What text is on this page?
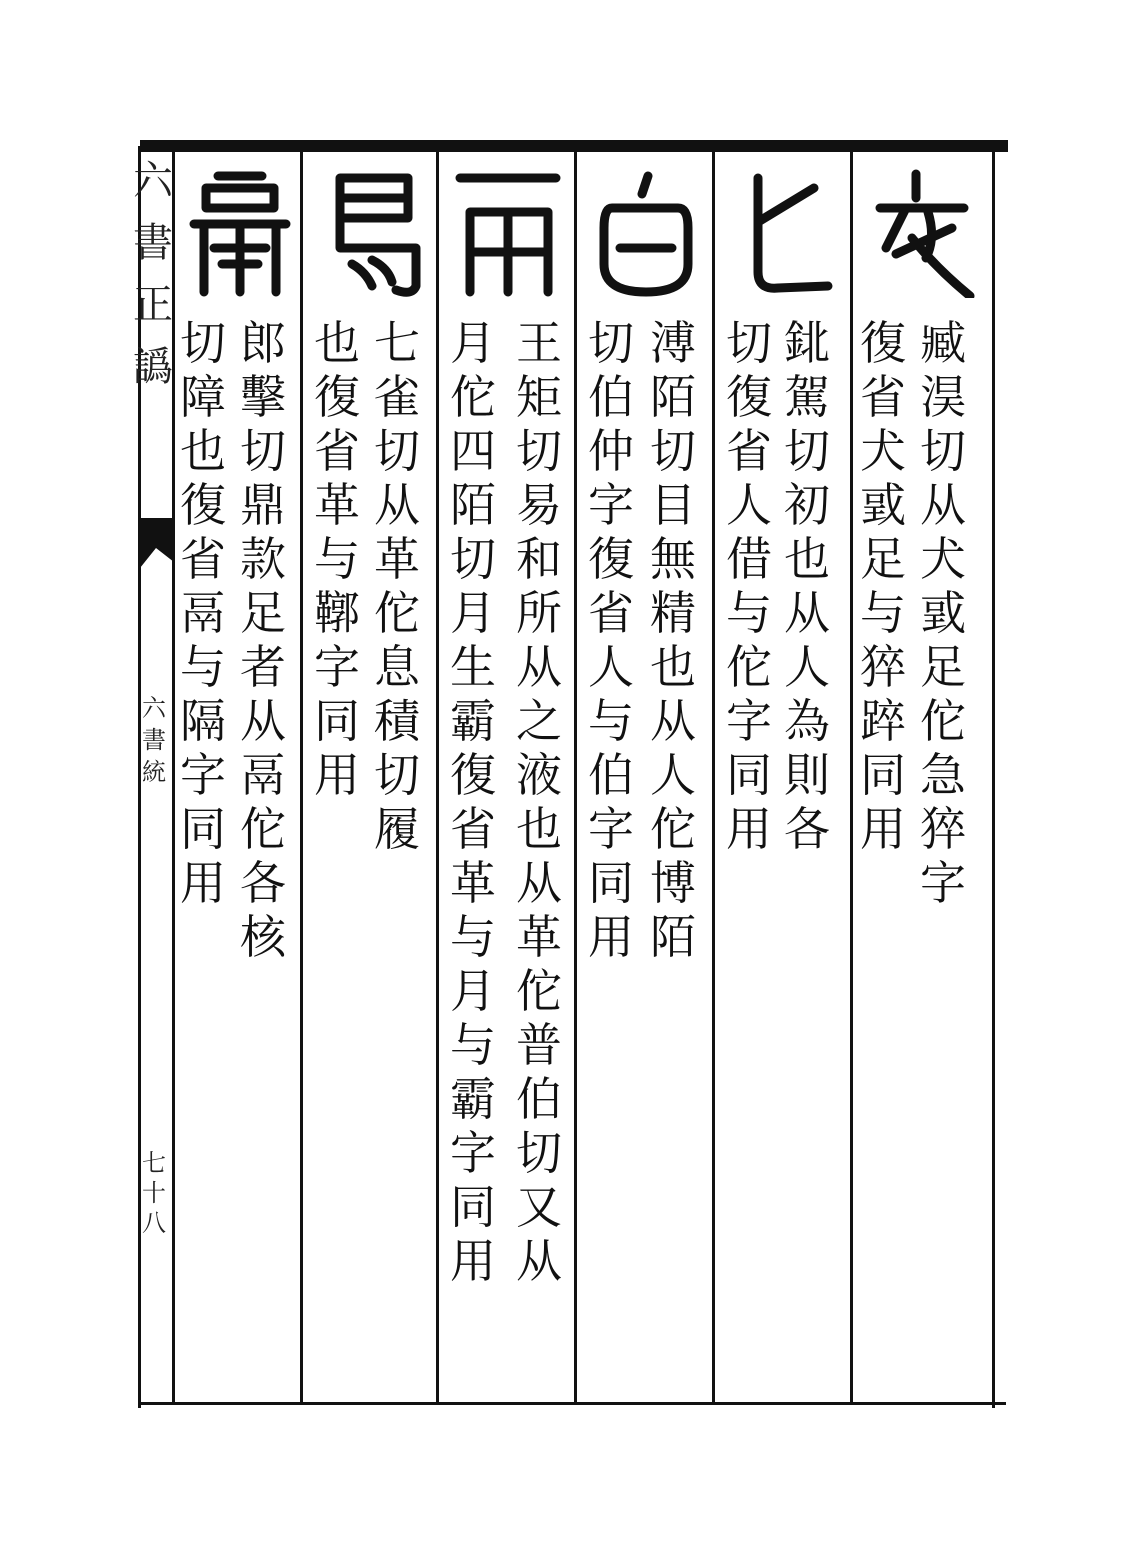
六書正譌
六書統
七十八
臧淏切从犬戜足佗急猝字
復省犬戜足与猝踤同用
鉳駕切初也从人為則各
切復省人借与佗字同用
溥陌切目無精也从人佗博陌
切伯仲字復省人与伯字同用
王矩切易和所从之液也从革佗普伯切又从
月佗四陌切月生霸復省革与月与霸字同用
七雀切从革佗息積切履
也復省革与鞹字同用
郎擊切鼎款足者从鬲佗各核
切障也復省鬲与隔字同用
